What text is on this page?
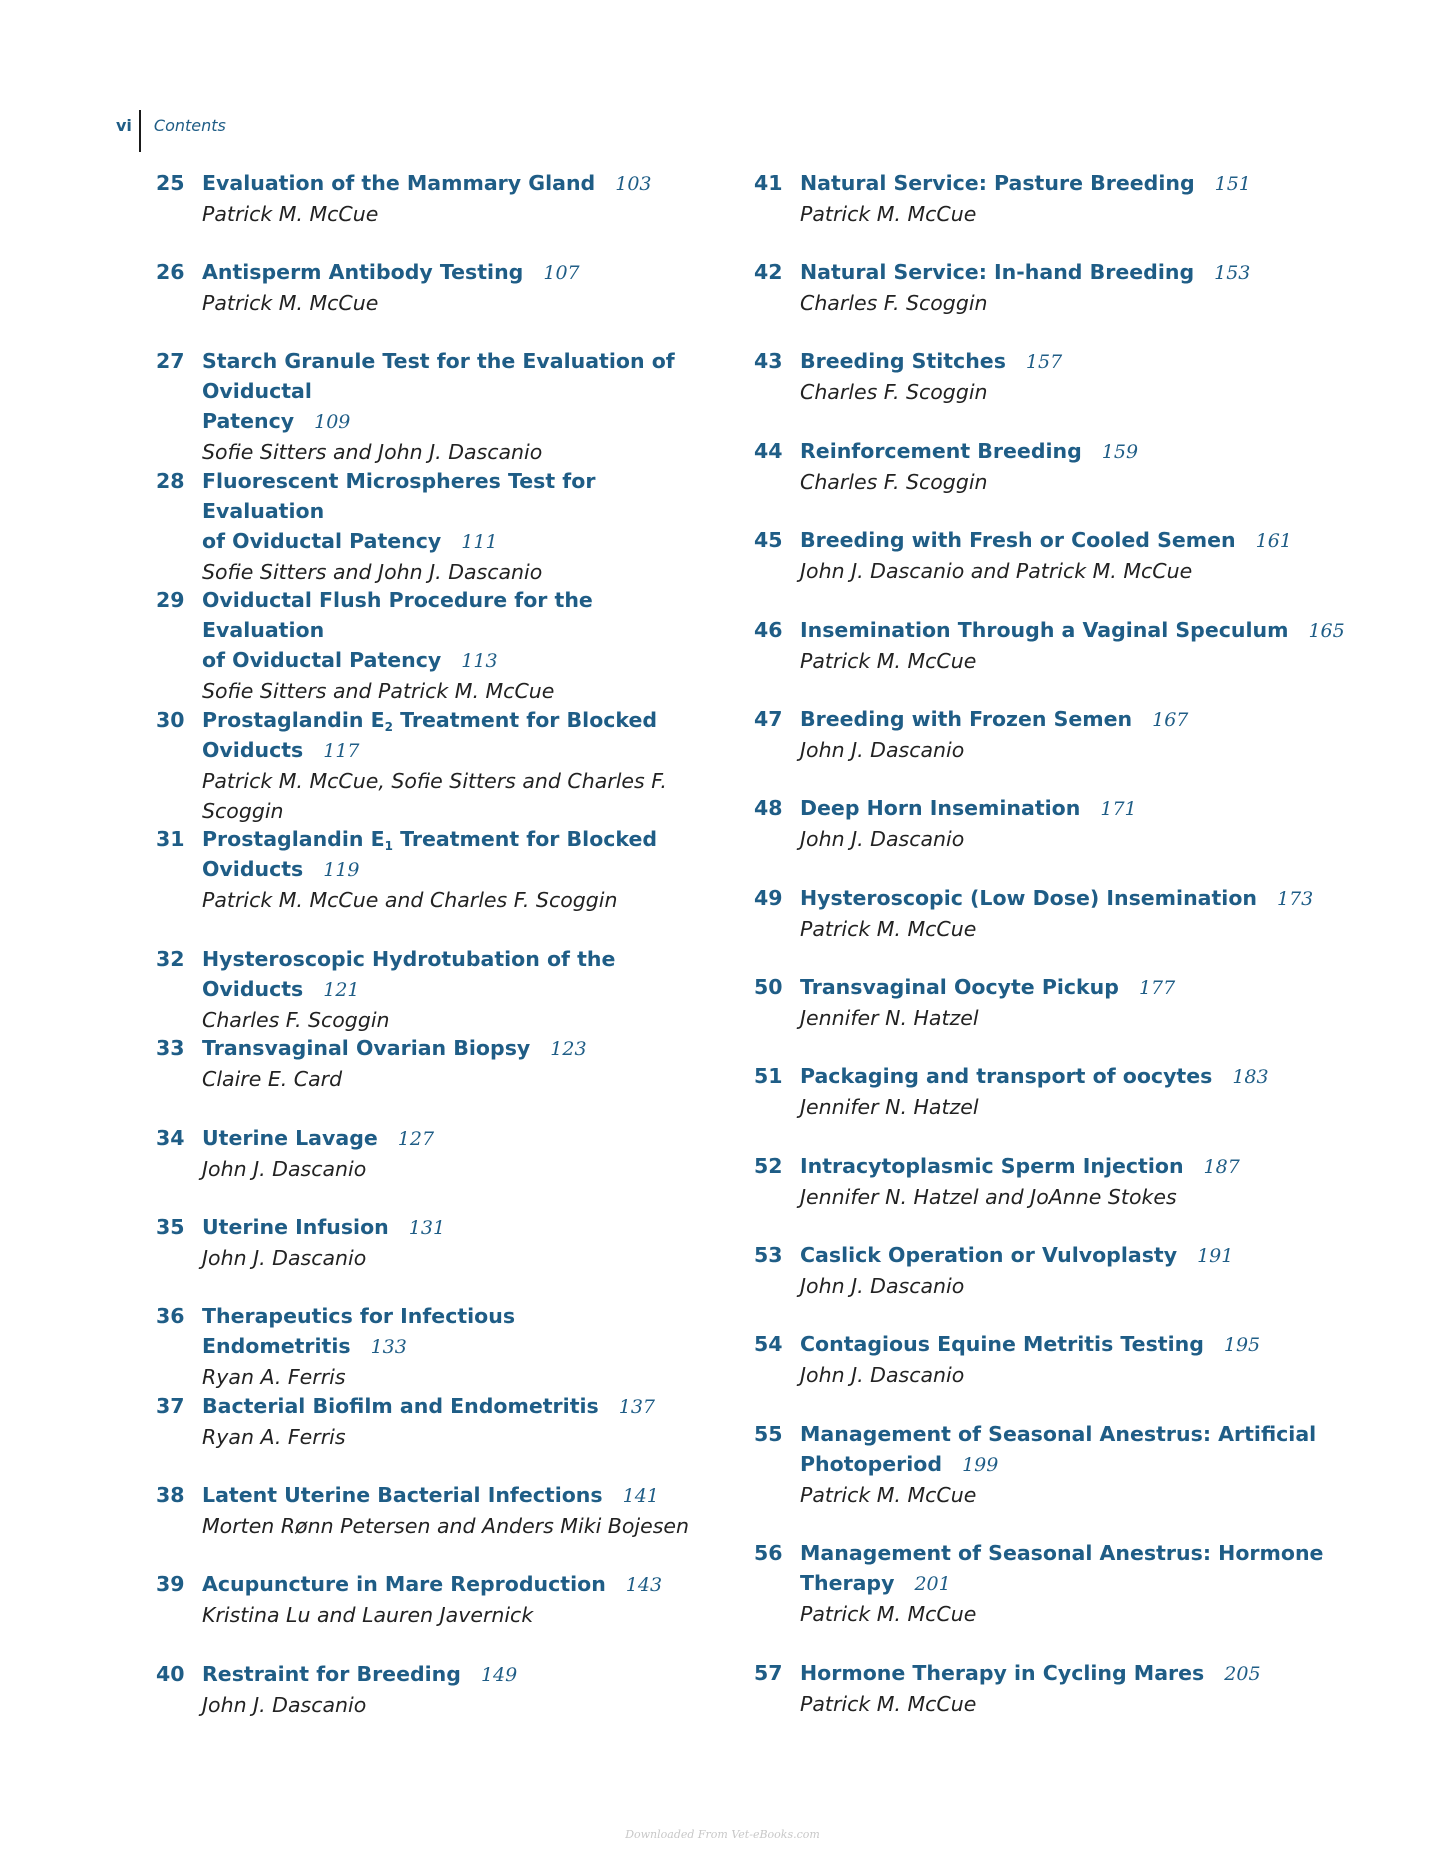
vi	Contents
25 Evaluation of the Mammary Gland 103
Patrick M. McCue
26 Antisperm Antibody Testing 107
Patrick M. McCue
27 Starch Granule Test for the Evaluation of Oviductal
Patency 109
Sofie Sitters and John J. Dascanio
28 Fluorescent Microspheres Test for Evaluation
of Oviductal Patency 111
Sofie Sitters and John J. Dascanio
29 Oviductal Flush Procedure for the Evaluation
of Oviductal Patency 113
Sofie Sitters and Patrick M. McCue
30 Prostaglandin $E_2$ Treatment for Blocked
Oviducts 117
Patrick M. McCue, Sofie Sitters and Charles F. Scoggin
31 Prostaglandin $E_1$ Treatment for Blocked
Oviducts 119
Patrick M. McCue and Charles F. Scoggin
32 Hysteroscopic Hydrotubation of the Oviducts 121
Charles F. Scoggin
33 Transvaginal Ovarian Biopsy 123
Claire E. Card
34 Uterine Lavage 127
John J. Dascanio
35 Uterine Infusion 131
John J. Dascanio
36 Therapeutics for Infectious Endometritis 133
Ryan A. Ferris
37 Bacterial Biofilm and Endometritis 137
Ryan A. Ferris
38 Latent Uterine Bacterial Infections 141
Morten Rønn Petersen and Anders Miki Bojesen
39 Acupuncture in Mare Reproduction 143
Kristina Lu and Lauren Javernick
40 Restraint for Breeding 149
John J. Dascanio
41 Natural Service: Pasture Breeding 151
Patrick M. McCue
42 Natural Service: In-hand Breeding 153
Charles F. Scoggin
43 Breeding Stitches 157
Charles F. Scoggin
44 Reinforcement Breeding 159
Charles F. Scoggin
45 Breeding with Fresh or Cooled Semen 161
John J. Dascanio and Patrick M. McCue
46 Insemination Through a Vaginal Speculum 165
Patrick M. McCue
47 Breeding with Frozen Semen 167
John J. Dascanio
48 Deep Horn Insemination 171
John J. Dascanio
49 Hysteroscopic (Low Dose) Insemination 173
Patrick M. McCue
50 Transvaginal Oocyte Pickup 177
Jennifer N. Hatzel
51 Packaging and transport of oocytes 183
Jennifer N. Hatzel
52 Intracytoplasmic Sperm Injection 187
Jennifer N. Hatzel and JoAnne Stokes
53 Caslick Operation or Vulvoplasty 191
John J. Dascanio
54 Contagious Equine Metritis Testing 195
John J. Dascanio
55 Management of Seasonal Anestrus: Artificial
Photoperiod 199
Patrick M. McCue
56 Management of Seasonal Anestrus: Hormone
Therapy 201
Patrick M. McCue
57 Hormone Therapy in Cycling Mares 205
Patrick M. McCue
Downloaded From Vet-eBooks.com
